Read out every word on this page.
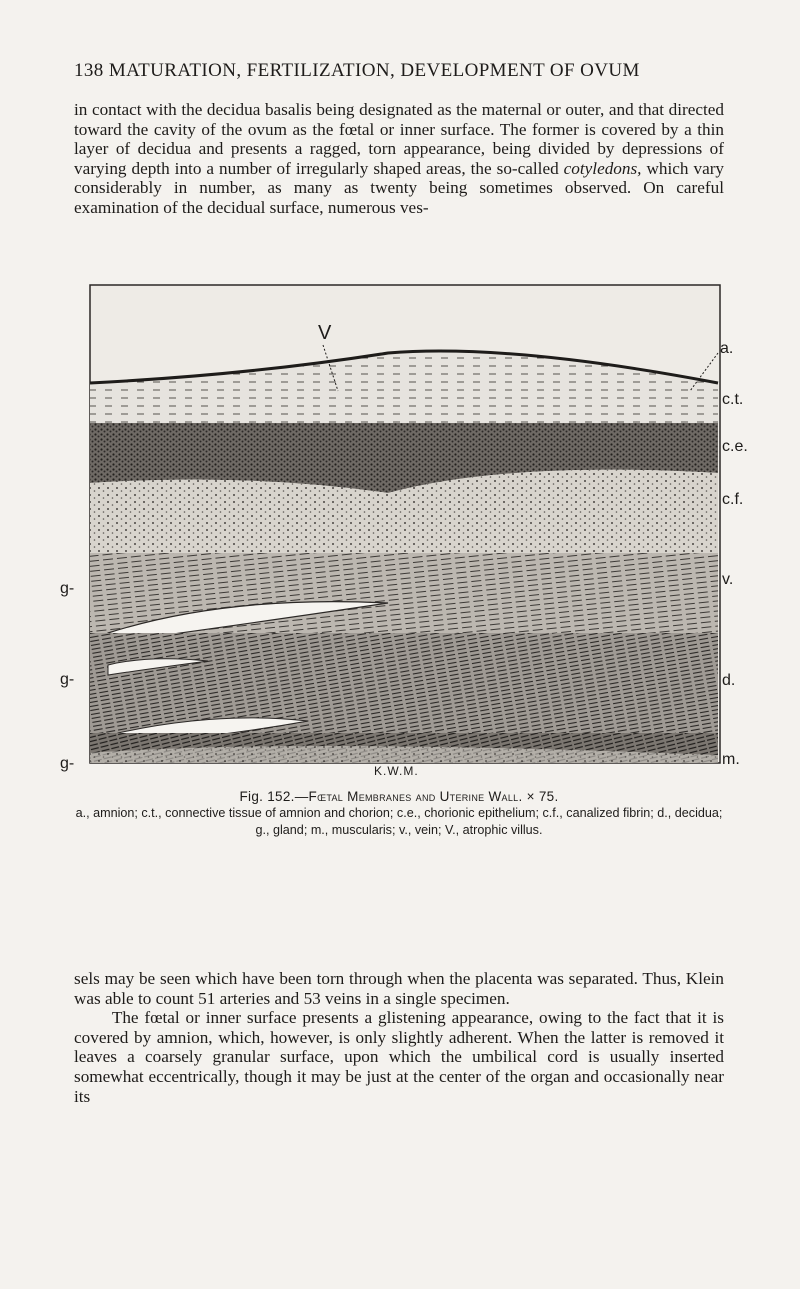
138 MATURATION, FERTILIZATION, DEVELOPMENT OF OVUM

in contact with the decidua basalis being designated as the maternal or outer, and that directed toward the cavity of the ovum as the fœtal or inner surface. The former is covered by a thin layer of decidua and presents a ragged, torn appearance, being divided by depressions of varying depth into a number of irregularly shaped areas, the so-called cotyledons, which vary considerably in number, as many as twenty being sometimes observed. On careful examination of the decidual surface, numerous ves-

V
a.
c.t.
c.e.
c.f.
v.
d.
m.
g-
g-
g-	K.W.M.
Fig. 152.—Fœtal Membranes and Uterine Wall. × 75.
a., amnion; c.t., connective tissue of amnion and chorion; c.e., chorionic epithelium; c.f., canalized fibrin; d., decidua; g., gland; m., muscularis; v., vein; V., atrophic villus.

sels may be seen which have been torn through when the placenta was separated. Thus, Klein was able to count 51 arteries and 53 veins in a single specimen.

The fœtal or inner surface presents a glistening appearance, owing to the fact that it is covered by amnion, which, however, is only slightly adherent. When the latter is removed it leaves a coarsely granular surface, upon which the umbilical cord is usually inserted somewhat eccentrically, though it may be just at the center of the organ and occasionally near its
